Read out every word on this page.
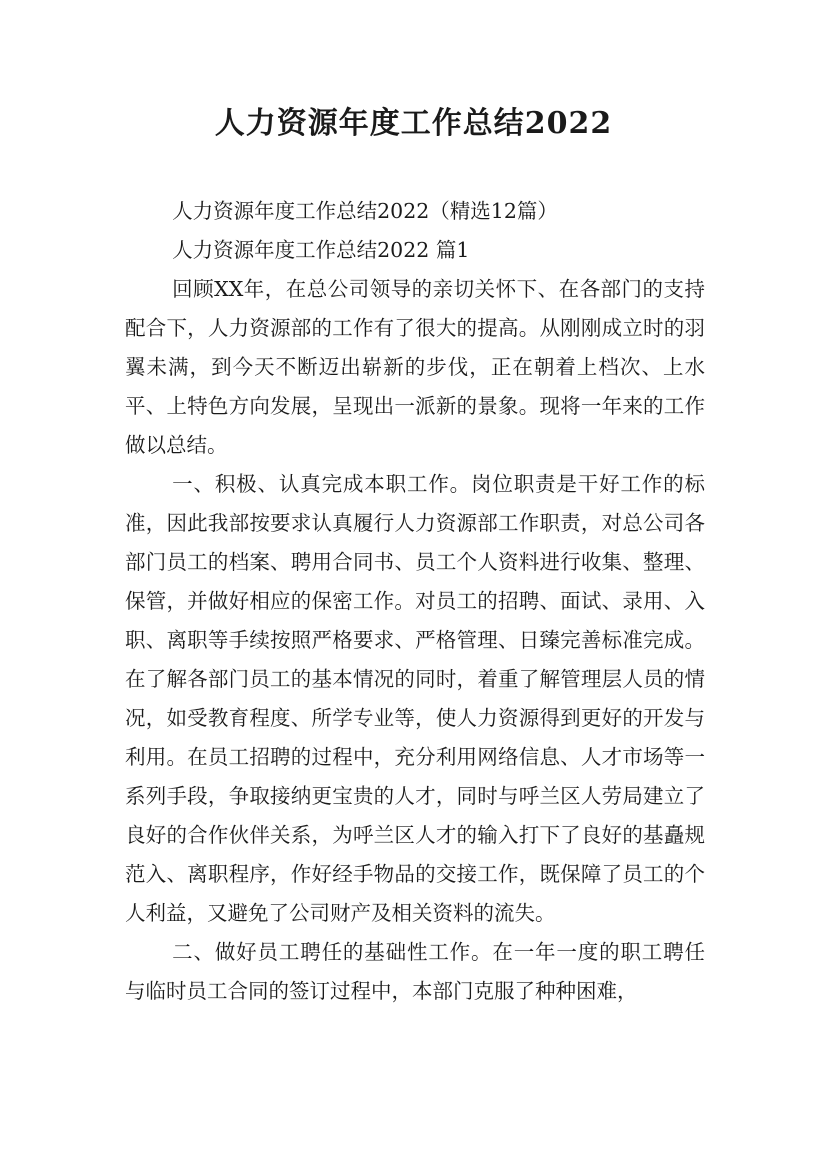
人力资源年度工作总结2022

人力资源年度工作总结2022（精选12篇）

人力资源年度工作总结2022 篇1

回顾XX年，在总公司领导的亲切关怀下、在各部门的支持配合下，人力资源部的工作有了很大的提高。从刚刚成立时的羽翼未满，到今天不断迈出崭新的步伐，正在朝着上档次、上水平、上特色方向发展，呈现出一派新的景象。现将一年来的工作做以总结。

一、积极、认真完成本职工作。岗位职责是干好工作的标准，因此我部按要求认真履行人力资源部工作职责，对总公司各部门员工的档案、聘用合同书、员工个人资料进行收集、整理、保管，并做好相应的保密工作。对员工的招聘、面试、录用、入职、离职等手续按照严格要求、严格管理、日臻完善标准完成。在了解各部门员工的基本情况的同时，着重了解管理层人员的情况，如受教育程度、所学专业等，使人力资源得到更好的开发与利用。在员工招聘的过程中，充分利用网络信息、人才市场等一系列手段，争取接纳更宝贵的人才，同时与呼兰区人劳局建立了良好的合作伙伴关系，为呼兰区人才的输入打下了良好的基矗规范入、离职程序，作好经手物品的交接工作，既保障了员工的个人利益，又避免了公司财产及相关资料的流失。

二、做好员工聘任的基础性工作。在一年一度的职工聘任与临时员工合同的签订过程中，本部门克服了种种困难，
